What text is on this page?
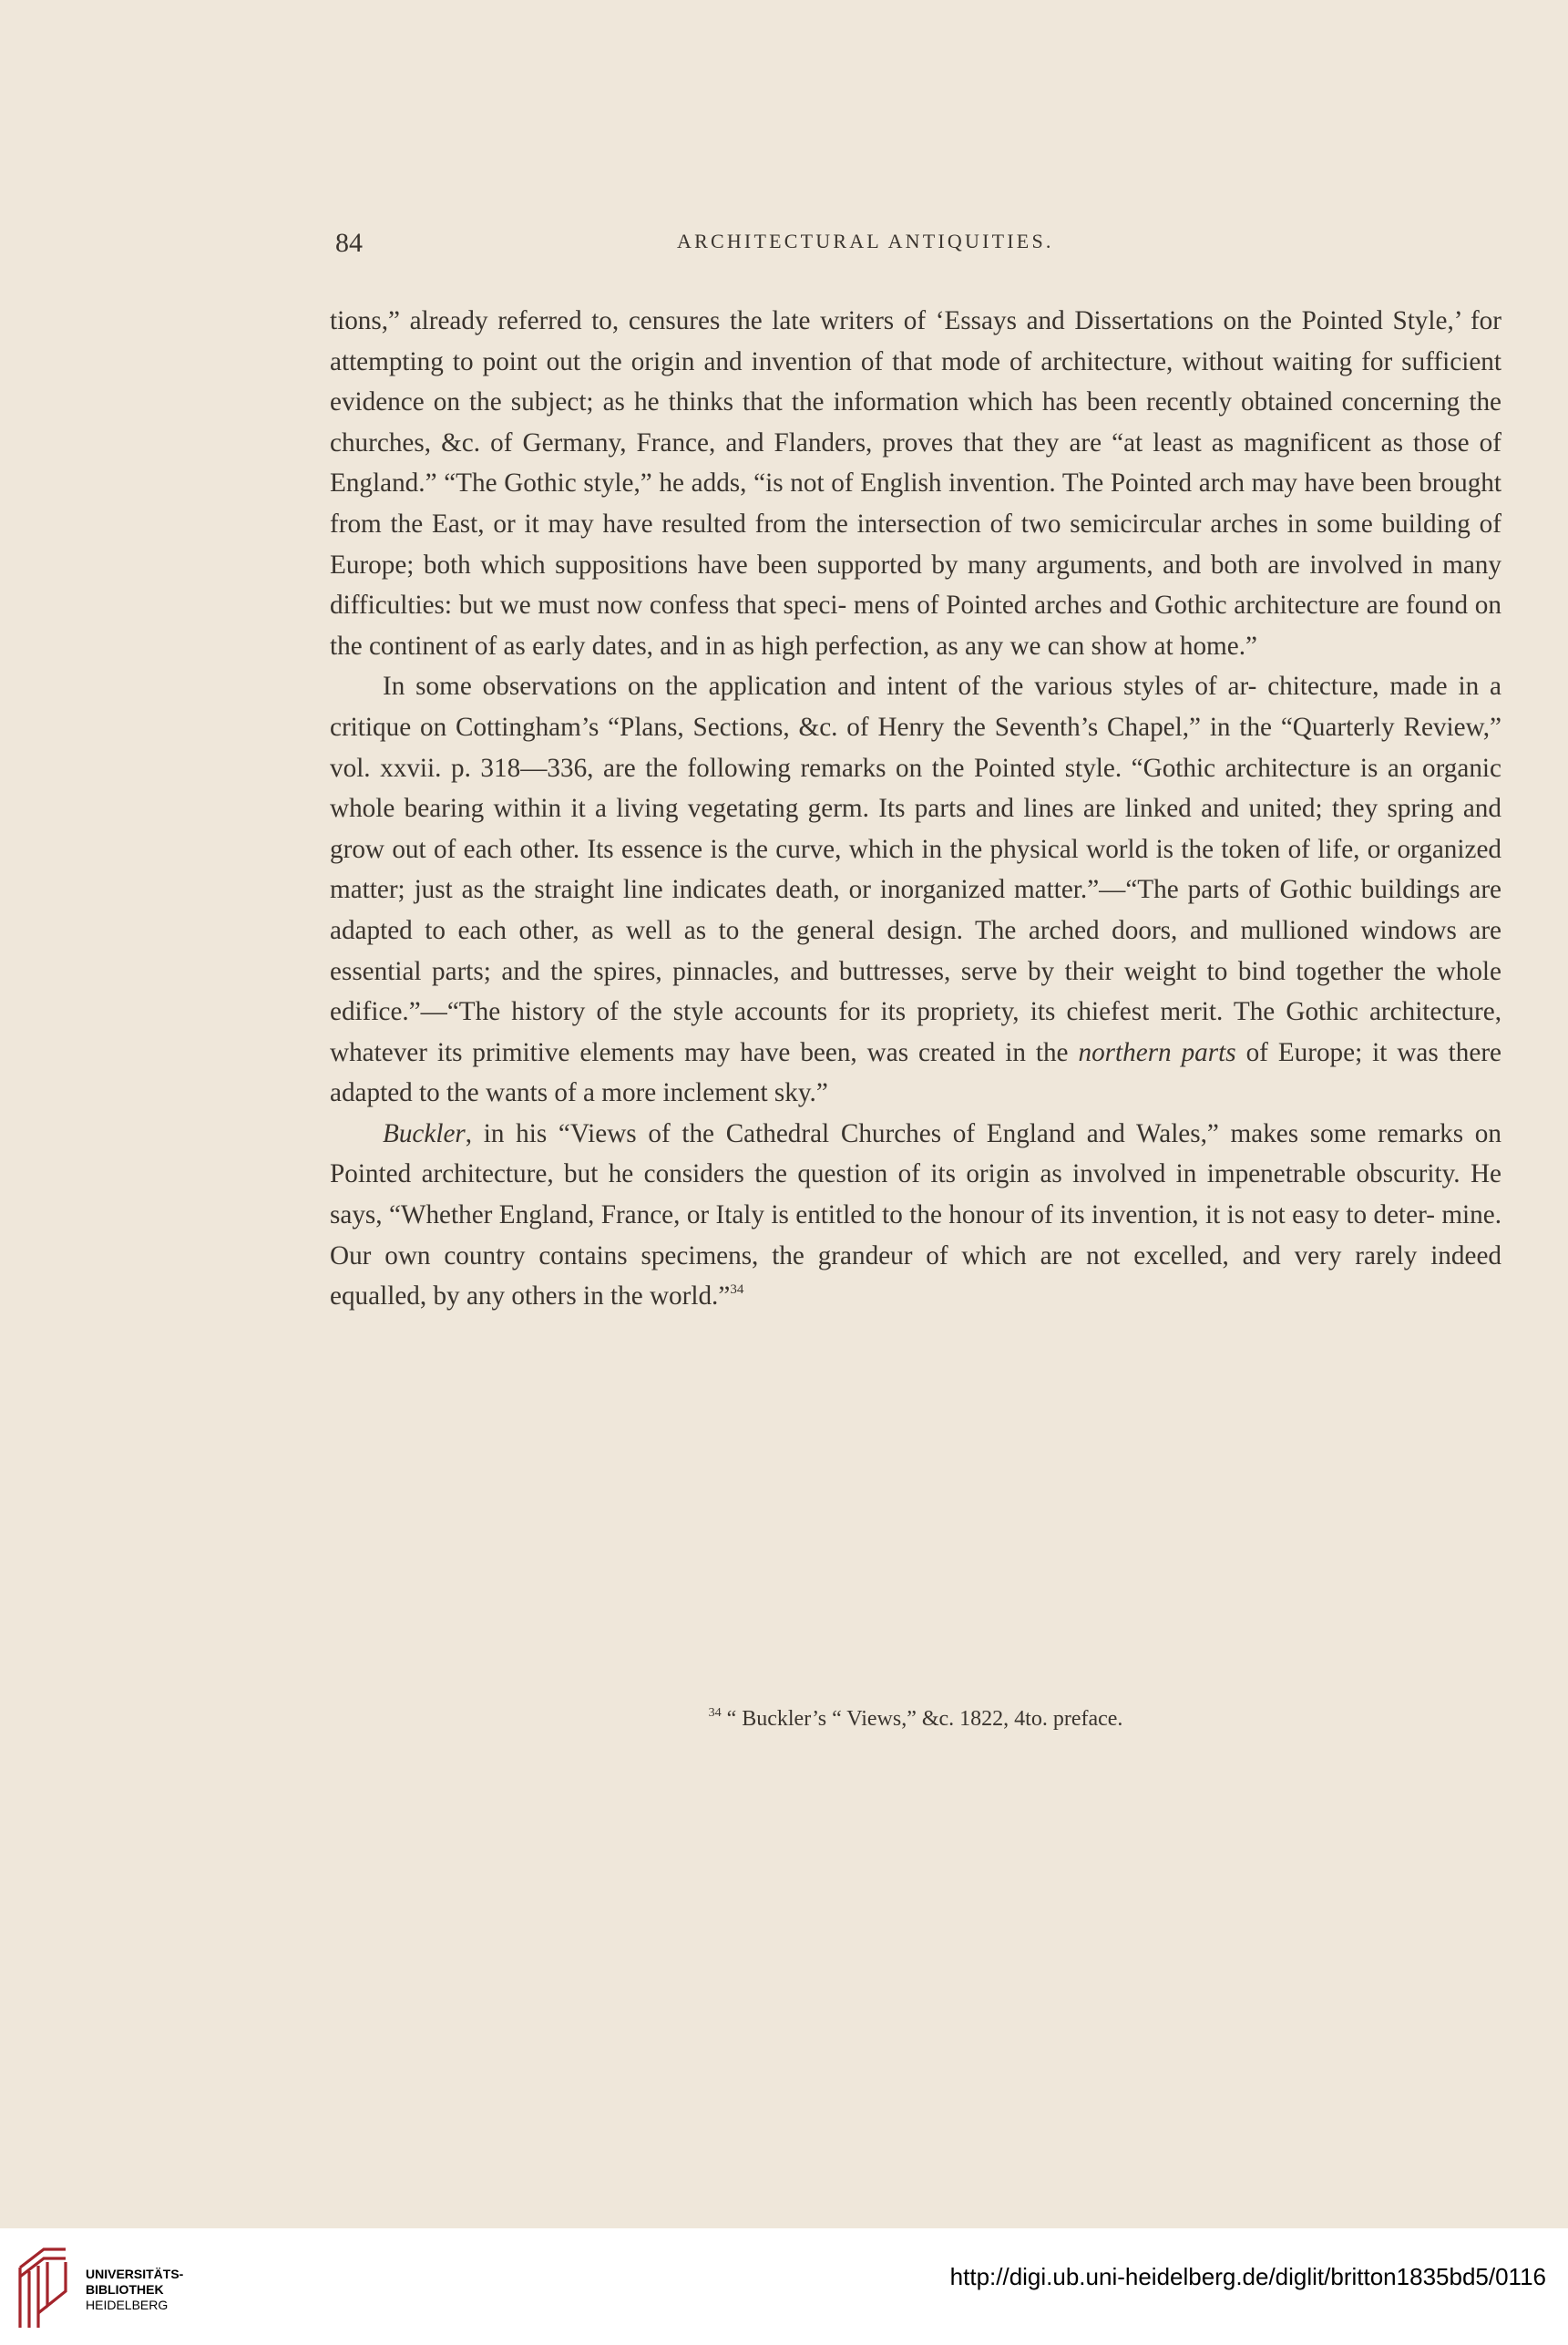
84	ARCHITECTURAL ANTIQUITIES.

tions,” already referred to, censures the late writers of ‘Essays and Dissertations on the Pointed Style,’ for attempting to point out the origin and invention of that mode of architecture, without waiting for sufficient evidence on the subject; as he thinks that the information which has been recently obtained concerning the churches, &c. of Germany, France, and Flanders, proves that they are “at least as magnificent as those of England.” “The Gothic style,” he adds, “is not of English invention. The Pointed arch may have been brought from the East, or it may have resulted from the intersection of two semicircular arches in some building of Europe; both which suppositions have been supported by many arguments, and both are involved in many difficulties: but we must now confess that speci- mens of Pointed arches and Gothic architecture are found on the continent of as early dates, and in as high perfection, as any we can show at home.”

In some observations on the application and intent of the various styles of ar- chitecture, made in a critique on Cottingham’s “Plans, Sections, &c. of Henry the Seventh’s Chapel,” in the “Quarterly Review,” vol. xxvii. p. 318—336, are the following remarks on the Pointed style. “Gothic architecture is an organic whole bearing within it a living vegetating germ. Its parts and lines are linked and united; they spring and grow out of each other. Its essence is the curve, which in the physical world is the token of life, or organized matter; just as the straight line indicates death, or inorganized matter.”—“The parts of Gothic buildings are adapted to each other, as well as to the general design. The arched doors, and mullioned windows are essential parts; and the spires, pinnacles, and buttresses, serve by their weight to bind together the whole edifice.”—“The history of the style accounts for its propriety, its chiefest merit. The Gothic architecture, whatever its primitive elements may have been, was created in the northern parts of Europe; it was there adapted to the wants of a more inclement sky.”

Buckler, in his “Views of the Cathedral Churches of England and Wales,” makes some remarks on Pointed architecture, but he considers the question of its origin as involved in impenetrable obscurity. He says, “Whether England, France, or Italy is entitled to the honour of its invention, it is not easy to deter- mine. Our own country contains specimens, the grandeur of which are not excelled, and very rarely indeed equalled, by any others in the world.”$^{34}$

$^{34}$ “ Buckler’s “ Views,” &c. 1822, 4to. preface.
UNIVERSITÄTS-
BIBLIOTHEK
HEIDELBERG
http://digi.ub.uni-heidelberg.de/diglit/britton1835bd5/0116
